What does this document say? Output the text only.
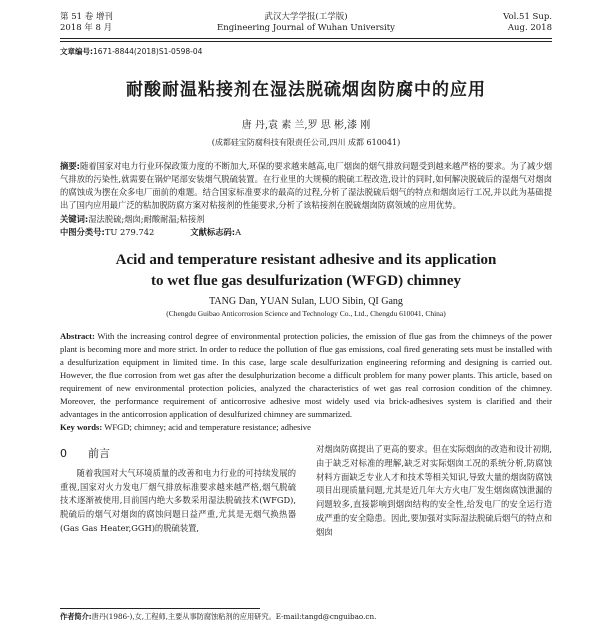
第 51 卷 增刊
2018 年 8 月
武汉大学学报(工学版)
Engineering Journal of Wuhan University
Vol.51 Sup.
Aug. 2018
文章编号:1671-8844(2018)S1-0598-04
耐酸耐温粘接剂在湿法脱硫烟囱防腐中的应用
唐 丹,袁 素 兰,罗 思 彬,漆 刚
(成都硅宝防腐科技有限责任公司,四川 成都 610041)
摘要:随着国家对电力行业环保政策力度的不断加大,环保的要求越来越高,电厂烟囱的烟气排放问题受到越来越严格的要求。为了减少烟气排放的污染性,就需要在锅炉尾部安装烟气脱硫装置。在行业里的大规模的脱硫工程改造,设计的同时,如何解决脱硫后的湿烟气对烟囱的腐蚀成为摆在众多电厂面前的难题。结合国家标准要求的最高的过程,分析了湿法脱硫后烟气的特点和烟囱运行工况,并以此为基础提出了国内应用最广泛的粘加脱防腐方案对粘接剂的性能要求,分析了该粘接剂在脱硫烟囱防腐领域的应用优势。
关键词:湿法脱硫;烟囱;耐酸耐温;粘接剂
中图分类号:TU 279.742	文献标志码:A
Acid and temperature resistant adhesive and its application
to wet flue gas desulfurization (WFGD) chimney
TANG Dan, YUAN Sulan, LUO Sibin, QI Gang
(Chengdu Guibao Anticorrosion Science and Technology Co., Ltd., Chengdu 610041, China)
Abstract: With the increasing control degree of environmental protection policies, the emission of flue gas from the chimneys of the power plant is becoming more and more strict. In order to reduce the pollution of flue gas emissions, coal fired generating sets must be installed with a desulfurization equipment in limited time. In this case, large scale desulfurization engineering reforming and designing is carried out. However, the flue corrosion from wet gas after the desulphurization become a difficult problem for many power plants. This article, based on requirement of new environmental protection policies, analyzed the characteristics of wet gas real corrosion condition of the chimney. Moreover, the performance requirement of anticorrosive adhesive most widely used via brick-adhesives system is clarified and their advantages in the anticorrosion application of desulfurized chimney are summarized.
Key words: WFGD; chimney; acid and temperature resistance; adhesive
0 前言
随着我国对大气环境质量的改善和电力行业的可持续发展的重视,国家对火力发电厂烟气排放标准要求越来越严格,烟气脱硫技术逐渐被使用,目前国内绝大多数采用湿法脱硫技术(WFGD),脱硫后的烟气对烟囱的腐蚀问题日益严重,尤其是无烟气换热器(Gas Gas Heater,GGH)的脱硫装置,
对烟囱防腐提出了更高的要求。但在实际烟囱的改造和设计初期,由于缺乏对标准的理解,缺乏对实际烟囱工况的系统分析,防腐蚀材料方面缺乏专业人才和技术等相关知识,导致大量的烟囱防腐蚀项目出现质量问题,尤其是近几年大方火电厂发生烟囱腐蚀泄漏的问题较多,直接影响到烟囱结构的安全性,给发电厂的安全运行造成严重的安全隐患。因此,要加强对实际湿法脱硫后烟气的特点和烟囱
作者简介:唐丹(1986-),女,工程师,主要从事防腐蚀粘剂的应用研究。E-mail:tangd@cnguibao.cn.
